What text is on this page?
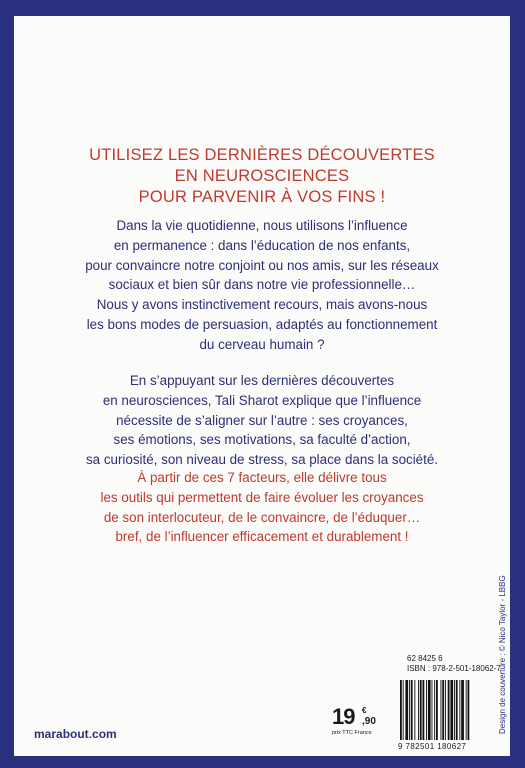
UTILISEZ LES DERNIÈRES DÉCOUVERTES
EN NEUROSCIENCES
POUR PARVENIR À VOS FINS !
Dans la vie quotidienne, nous utilisons l’influence
en permanence : dans l’éducation de nos enfants,
pour convaincre notre conjoint ou nos amis, sur les réseaux
sociaux et bien sûr dans notre vie professionnelle…
Nous y avons instinctivement recours, mais avons-nous
les bons modes de persuasion, adaptés au fonctionnement
du cerveau humain ?
En s’appuyant sur les dernières découvertes
en neurosciences, Tali Sharot explique que l’influence
nécessite de s’aligner sur l’autre : ses croyances,
ses émotions, ses motivations, sa faculté d’action,
sa curiosité, son niveau de stress, sa place dans la société.
À partir de ces 7 facteurs, elle délivre tous
les outils qui permettent de faire évoluer les croyances
de son interlocuteur, de le convaincre, de l’éduquer…
bref, de l’influencer efficacement et durablement !
Design de couverture : © Nico Taylor - LBBG
marabout.com
19 €
,90
prix TTC France
62 8425 6
ISBN : 978-2-501-18062-7
9 782501 180627
